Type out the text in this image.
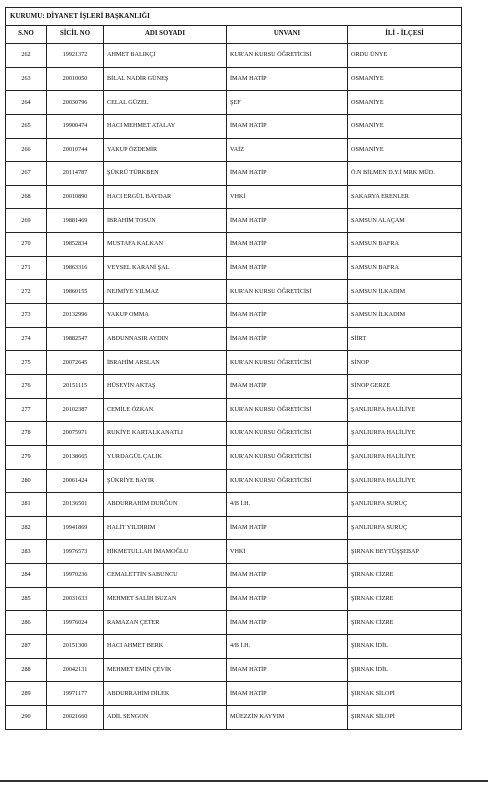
KURUMU: DİYANET İŞLERİ BAŞKANLIĞI				
S.NO	SİCİL NO	ADI SOYADI	UNVANI	İLİ - İLÇESİ
262	19921372	AHMET BALIKÇI	KUR'AN KURSU ÖĞRETİCİSİ	ORDU ÜNYE
263	20010050	BİLAL NADİR GÜNEŞ	İMAM HATİP	OSMANİYE
264	20030796	CELAL GÜZEL	ŞEF	OSMANİYE
265	19900474	HACI MEHMET ATALAY	İMAM HATİP	OSMANİYE
266	20010744	YAKUP ÖZDEMİR	VAİZ	OSMANİYE
267	20114787	ŞÜKRÜ TÜRKBEN	İMAM HATİP	Ö.N BİLMEN D.Y.İ MRK MÜD.
268	20010890	HACI ERGÜL BAYDAR	VHKİ	SAKARYA ERENLER
269	19881469	İBRAHİM TOSUN	İMAM HATİP	SAMSUN ALAÇAM
270	19852834	MUSTAFA KALKAN	İMAM HATİP	SAMSUN BAFRA
271	19863316	VEYSEL KARANİ ŞAL	İMAM HATİP	SAMSUN BAFRA
272	19860155	NEJMİYE YILMAZ	KUR'AN KURSU ÖĞRETİCİSİ	SAMSUN İLKADIM
273	20132996	YAKUP OMMA	İMAM HATİP	SAMSUN İLKADIM
274	19882547	ABDUNNASIR AYDIN	İMAM HATİP	SİİRT
275	20072645	İBRAHİM ARSLAN	KUR'AN KURSU ÖĞRETİCİSİ	SİNOP
276	20151115	HÜSEYİN AKTAŞ	İMAM HATİP	SİNOP GERZE
277	20102387	CEMİLE ÖZKAN	KUR'AN KURSU ÖĞRETİCİSİ	ŞANLIURFA HALİLİYE
278	20075971	RUKİYE KARTALKANATLI	KUR'AN KURSU ÖĞRETİCİSİ	ŞANLIURFA HALİLİYE
279	20138665	YURDAGÜL ÇALIK	KUR'AN KURSU ÖĞRETİCİSİ	ŞANLIURFA HALİLİYE
280	20061424	ŞÜKRİYE BAYIR	KUR'AN KURSU ÖĞRETİCİSİ	ŞANLIURFA HALİLİYE
281	20136501	ABDURRAHİM DURĞUN	4/B İ.H.	ŞANLIURFA SURUÇ
282	19941869	HALİT YILDIRIM	İMAM HATİP	ŞANLIURFA SURUÇ
283	19976573	HİKMETULLAH İMAMOĞLU	VHKİ	ŞIRNAK BEYTÜŞŞEBAP
284	19970236	CEMALETTİN SABUNCU	İMAM HATİP	ŞIRNAK CİZRE
285	20031633	MEHMET SALİH BUZAN	İMAM HATİP	ŞIRNAK CİZRE
286	19976024	RAMAZAN ÇETER	İMAM HATİP	ŞIRNAK CİZRE
287	20151300	HACI AHMET BERK	4/B İ.H.	ŞIRNAK İDİL
288	20042131	MEHMET EMİN ÇEVİK	İMAM HATİP	ŞIRNAK İDİL
289	19971177	ABDURRAHİM DİLEK	İMAM HATİP	ŞIRNAK SİLOPİ
290	20021660	ADİL SENGON	MÜEZZİN KAYYIM	ŞIRNAK SİLOPİ
